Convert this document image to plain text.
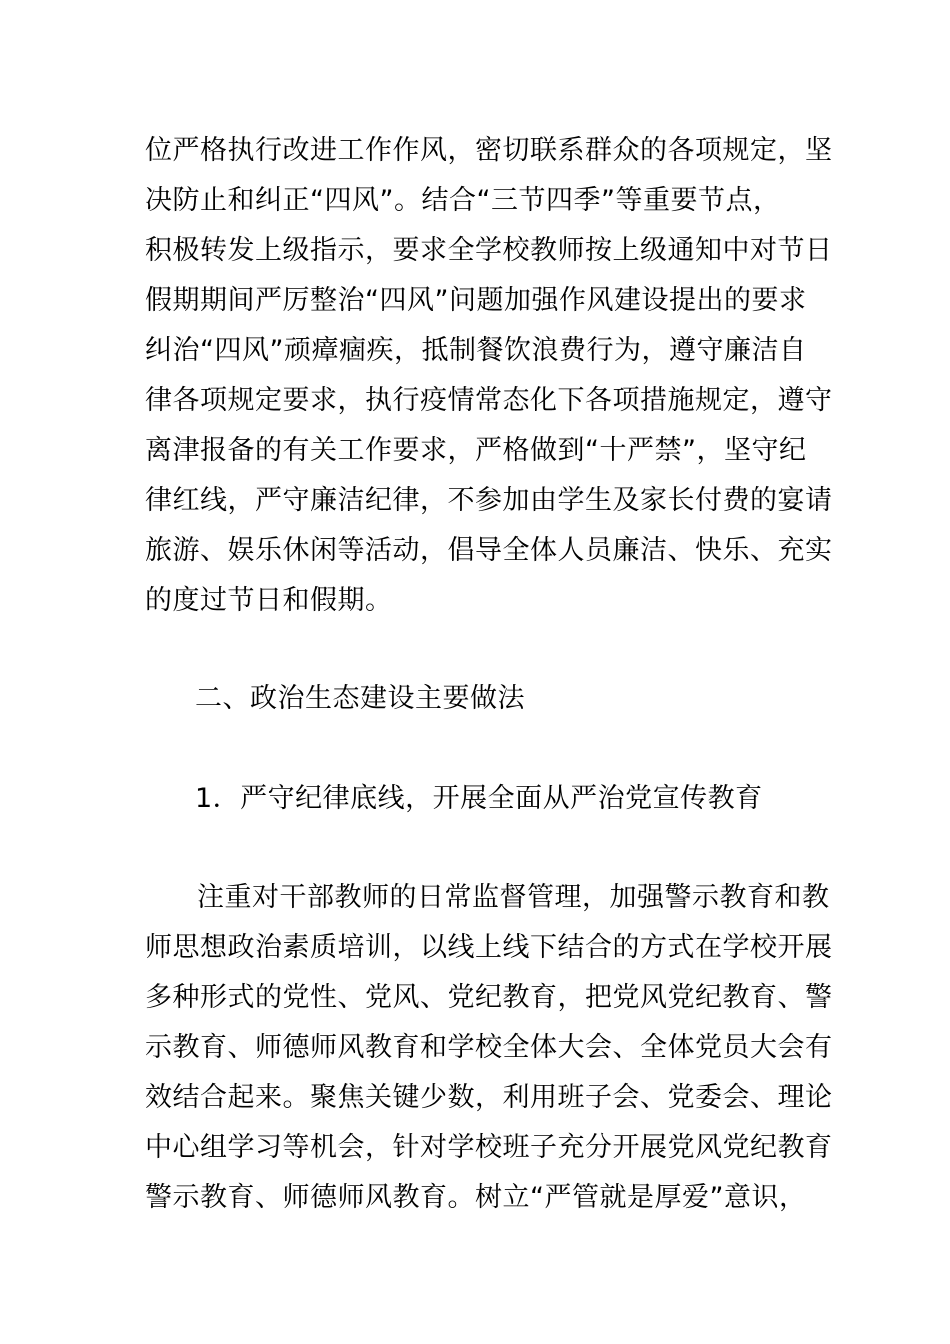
位严格执行改进工作作风，密切联系群众的各项规定，坚
决防止和纠正“四风”。结合“三节四季”等重要节点，
积极转发上级指示，要求全学校教师按上级通知中对节日
假期期间严厉整治“四风”问题加强作风建设提出的要求
纠治“四风”顽瘴痼疾，抵制餐饮浪费行为，遵守廉洁自
律各项规定要求，执行疫情常态化下各项措施规定，遵守
离津报备的有关工作要求，严格做到“十严禁”，坚守纪
律红线，严守廉洁纪律，不参加由学生及家长付费的宴请
旅游、娱乐休闲等活动，倡导全体人员廉洁、快乐、充实
的度过节日和假期。
二、政治生态建设主要做法
1．严守纪律底线，开展全面从严治党宣传教育
注重对干部教师的日常监督管理，加强警示教育和教
师思想政治素质培训，以线上线下结合的方式在学校开展
多种形式的党性、党风、党纪教育，把党风党纪教育、警
示教育、师德师风教育和学校全体大会、全体党员大会有
效结合起来。聚焦关键少数，利用班子会、党委会、理论
中心组学习等机会，针对学校班子充分开展党风党纪教育
警示教育、师德师风教育。树立“严管就是厚爱”意识，
